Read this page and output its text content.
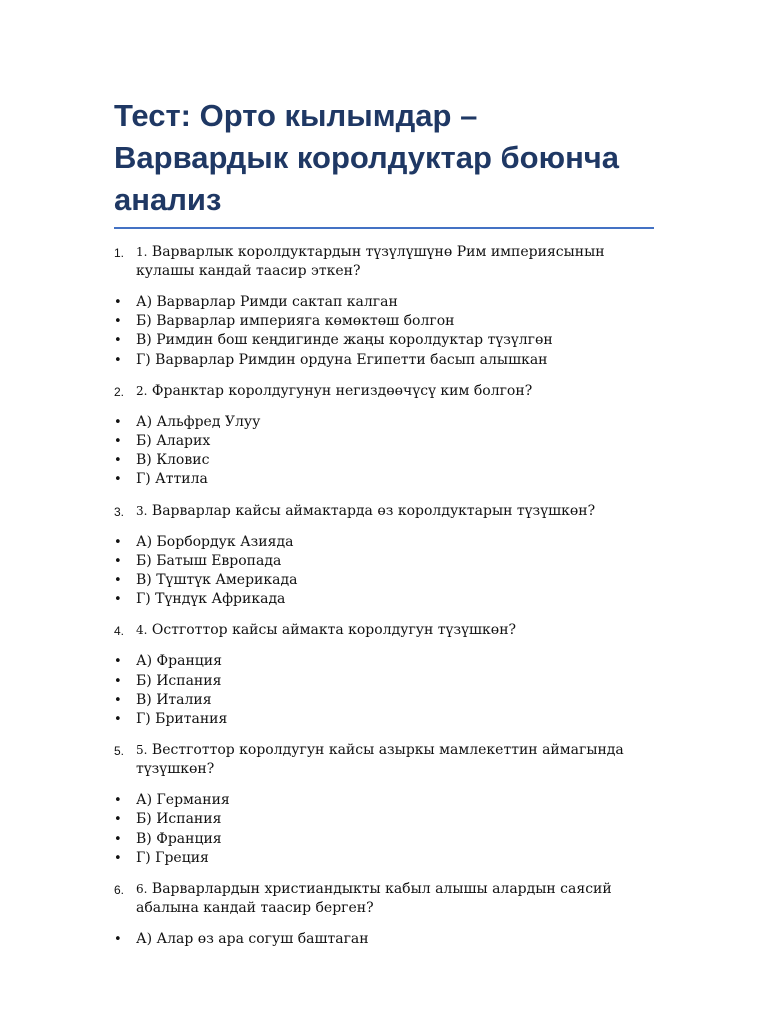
Тест: Орто кылымдар – Варвардык королдуктар боюнча анализ
1. 1. Варварлык королдуктардын түзүлүшүнө Рим империясынын кулашы кандай таасир эткен?
• А) Варварлар Римди сактап калган
• Б) Варварлар империяга көмөктөш болгон
• В) Римдин бош кеңдигинде жаңы королдуктар түзүлгөн
• Г) Варварлар Римдин ордуна Египетти басып алышкан
2. 2. Франктар королдугунун негиздөөчүсү ким болгон?
• А) Альфред Улуу
• Б) Аларих
• В) Кловис
• Г) Аттила
3. 3. Варварлар кайсы аймактарда өз королдуктарын түзүшкөн?
• А) Борбордук Азияда
• Б) Батыш Европада
• В) Түштүк Америкада
• Г) Түндүк Африкада
4. 4. Остготтор кайсы аймакта королдугун түзүшкөн?
• А) Франция
• Б) Испания
• В) Италия
• Г) Британия
5. 5. Вестготтор королдугун кайсы азыркы мамлекеттин аймагында түзүшкөн?
• А) Германия
• Б) Испания
• В) Франция
• Г) Греция
6. 6. Варварлардын христиандыкты кабыл алышы алардын саясий абалына кандай таасир берген?
• А) Алар өз ара согуш баштаган
